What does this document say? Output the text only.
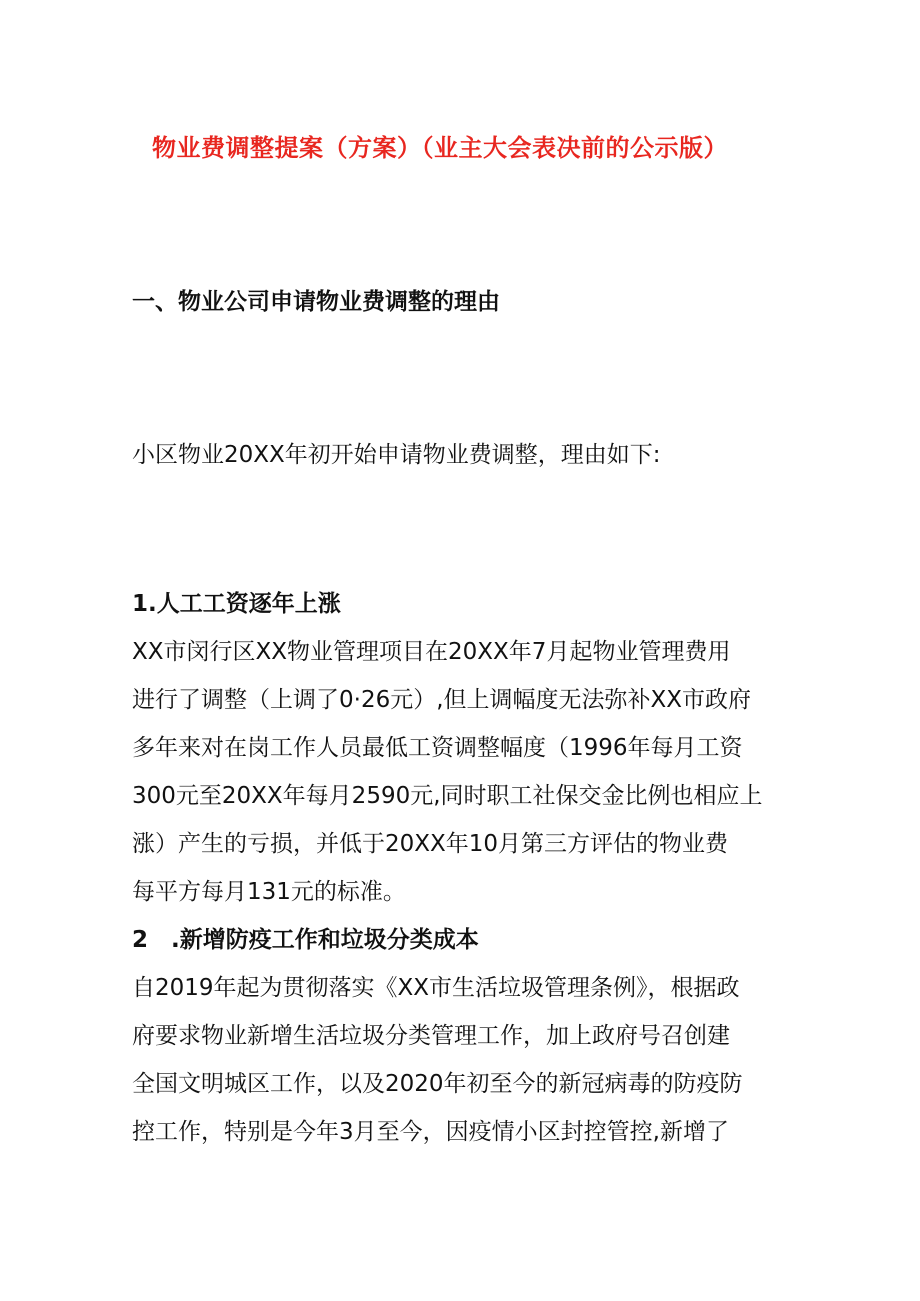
物业费调整提案（方案）（业主大会表决前的公示版）
一、物业公司申请物业费调整的理由
小区物业20XX年初开始申请物业费调整，理由如下:
1.人工工资逐年上涨
XX市闵行区XX物业管理项目在20XX年7月起物业管理费用
进行了调整（上调了0·26元）,但上调幅度无法弥补XX市政府
多年来对在岗工作人员最低工资调整幅度（1996年每月工资
300元至20XX年每月2590元,同时职工社保交金比例也相应上
涨）产生的亏损，并低于20XX年10月第三方评估的物业费
每平方每月131元的标准。
2　.新增防疫工作和垃圾分类成本
自2019年起为贯彻落实《XX市生活垃圾管理条例》，根据政
府要求物业新增生活垃圾分类管理工作，加上政府号召创建
全国文明城区工作，以及2020年初至今的新冠病毒的防疫防
控工作，特别是今年3月至今，因疫情小区封控管控,新增了
